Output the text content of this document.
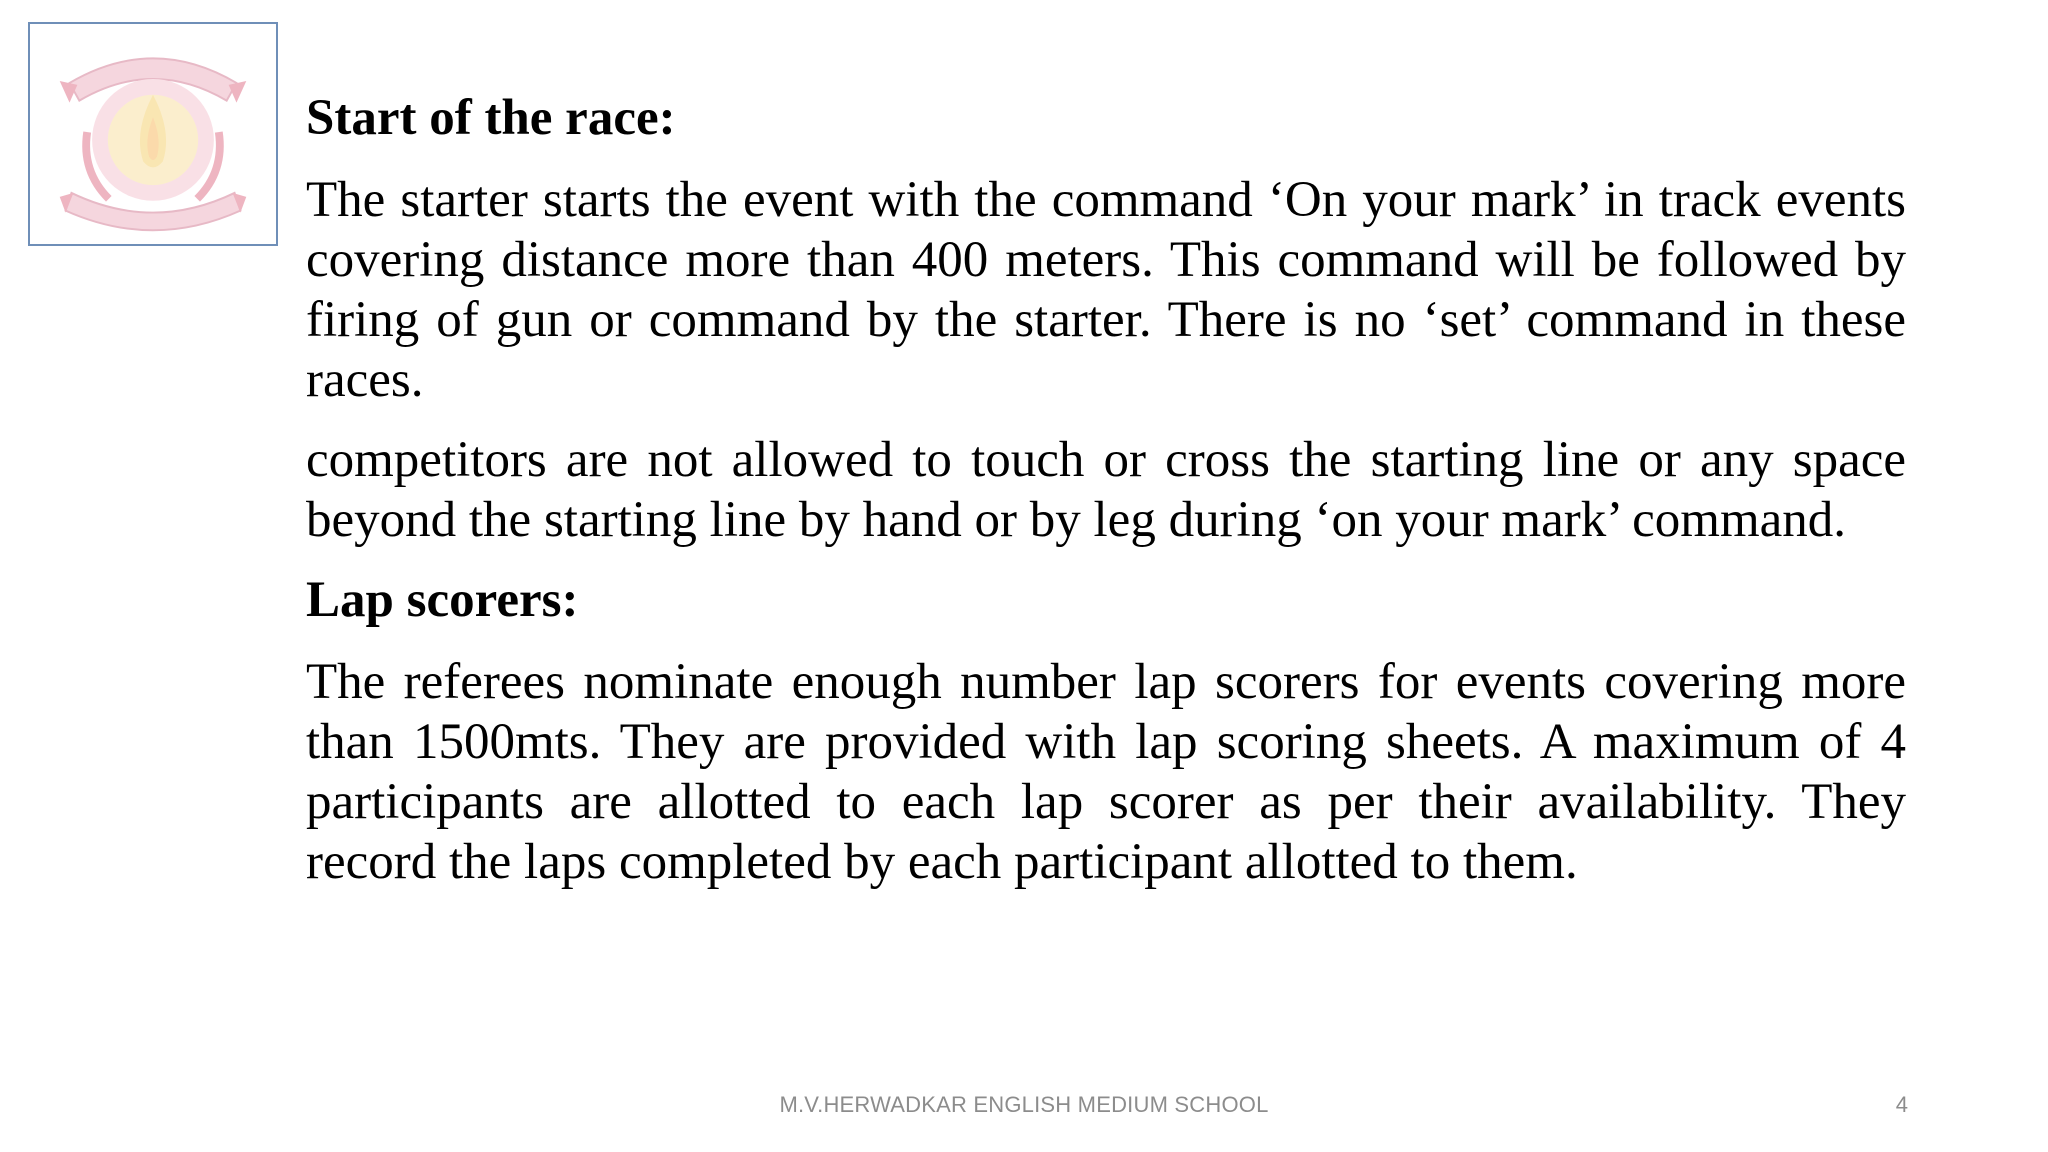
Start of the race:
The starter starts the event with the command ‘On your mark’ in track events covering distance more than 400 meters. This command will be followed by firing of gun or command by the starter. There is no ‘set’ command in these races.
competitors are not allowed to touch or cross the starting line or any space beyond the starting line by hand or by leg during ‘on your mark’ command.
Lap scorers:
The referees nominate enough number lap scorers for events covering more than 1500mts. They are provided with lap scoring sheets. A maximum of 4 participants are allotted to each lap scorer as per their availability. They record the laps completed by each participant allotted to them.
M.V.HERWADKAR ENGLISH MEDIUM SCHOOL	4
